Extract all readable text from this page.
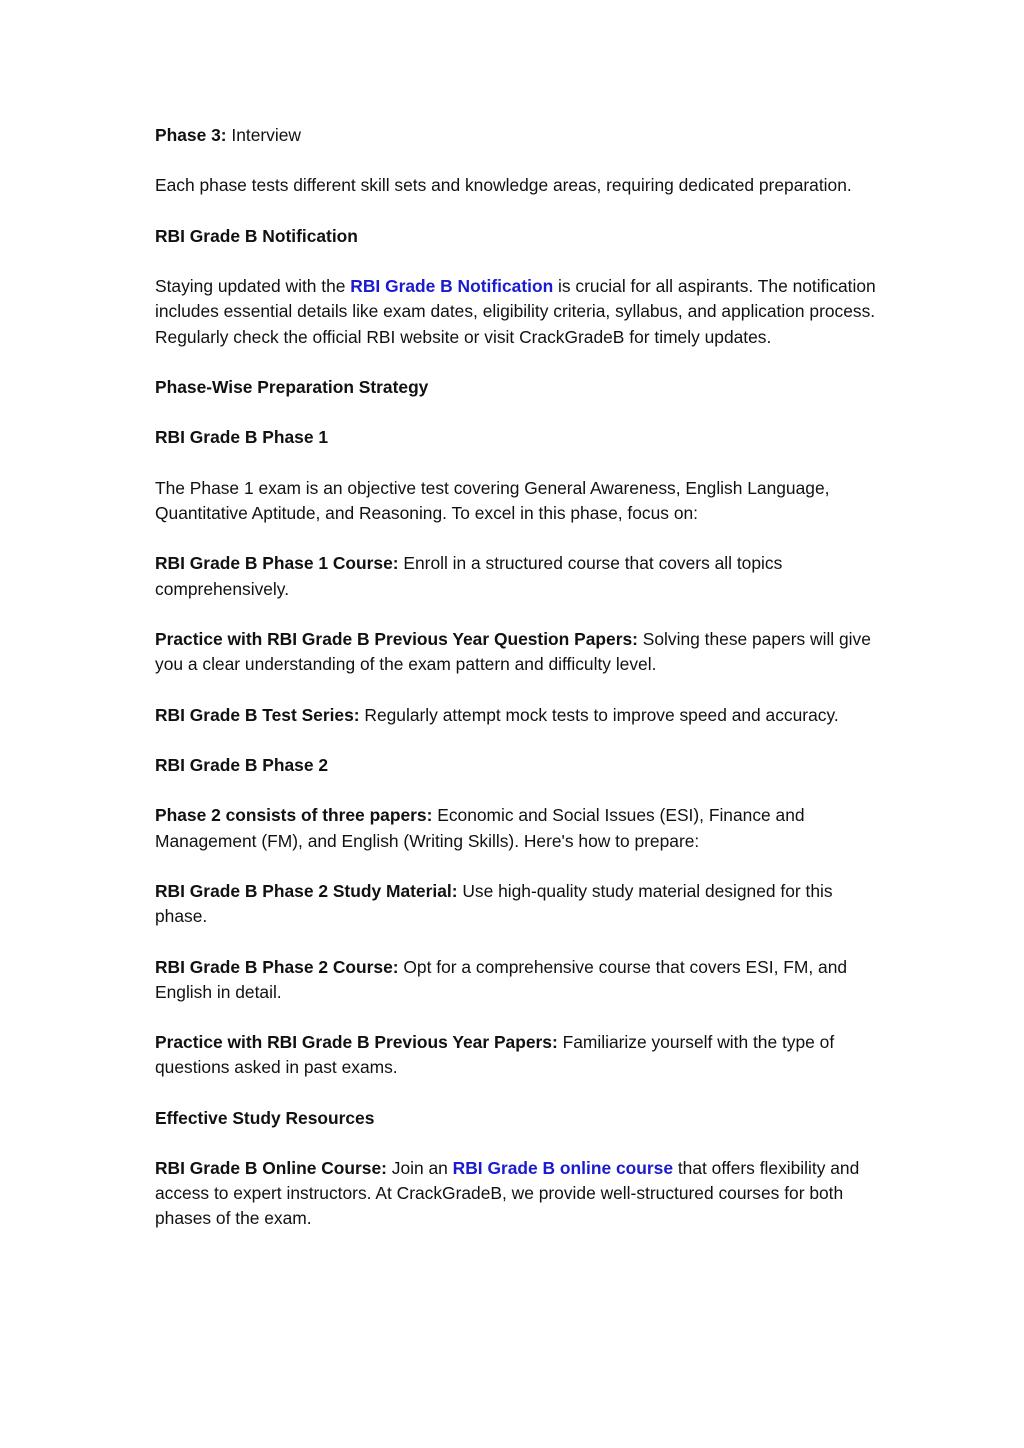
Phase 3: Interview

Each phase tests different skill sets and knowledge areas, requiring dedicated preparation.

RBI Grade B Notification

Staying updated with the RBI Grade B Notification is crucial for all aspirants. The notification includes essential details like exam dates, eligibility criteria, syllabus, and application process. Regularly check the official RBI website or visit CrackGradeB for timely updates.

Phase-Wise Preparation Strategy

RBI Grade B Phase 1

The Phase 1 exam is an objective test covering General Awareness, English Language, Quantitative Aptitude, and Reasoning. To excel in this phase, focus on:

RBI Grade B Phase 1 Course: Enroll in a structured course that covers all topics comprehensively.

Practice with RBI Grade B Previous Year Question Papers: Solving these papers will give you a clear understanding of the exam pattern and difficulty level.

RBI Grade B Test Series: Regularly attempt mock tests to improve speed and accuracy.

RBI Grade B Phase 2

Phase 2 consists of three papers: Economic and Social Issues (ESI), Finance and Management (FM), and English (Writing Skills). Here's how to prepare:

RBI Grade B Phase 2 Study Material: Use high-quality study material designed for this phase.

RBI Grade B Phase 2 Course: Opt for a comprehensive course that covers ESI, FM, and English in detail.

Practice with RBI Grade B Previous Year Papers: Familiarize yourself with the type of questions asked in past exams.

Effective Study Resources

RBI Grade B Online Course: Join an RBI Grade B online course that offers flexibility and access to expert instructors. At CrackGradeB, we provide well-structured courses for both phases of the exam.
